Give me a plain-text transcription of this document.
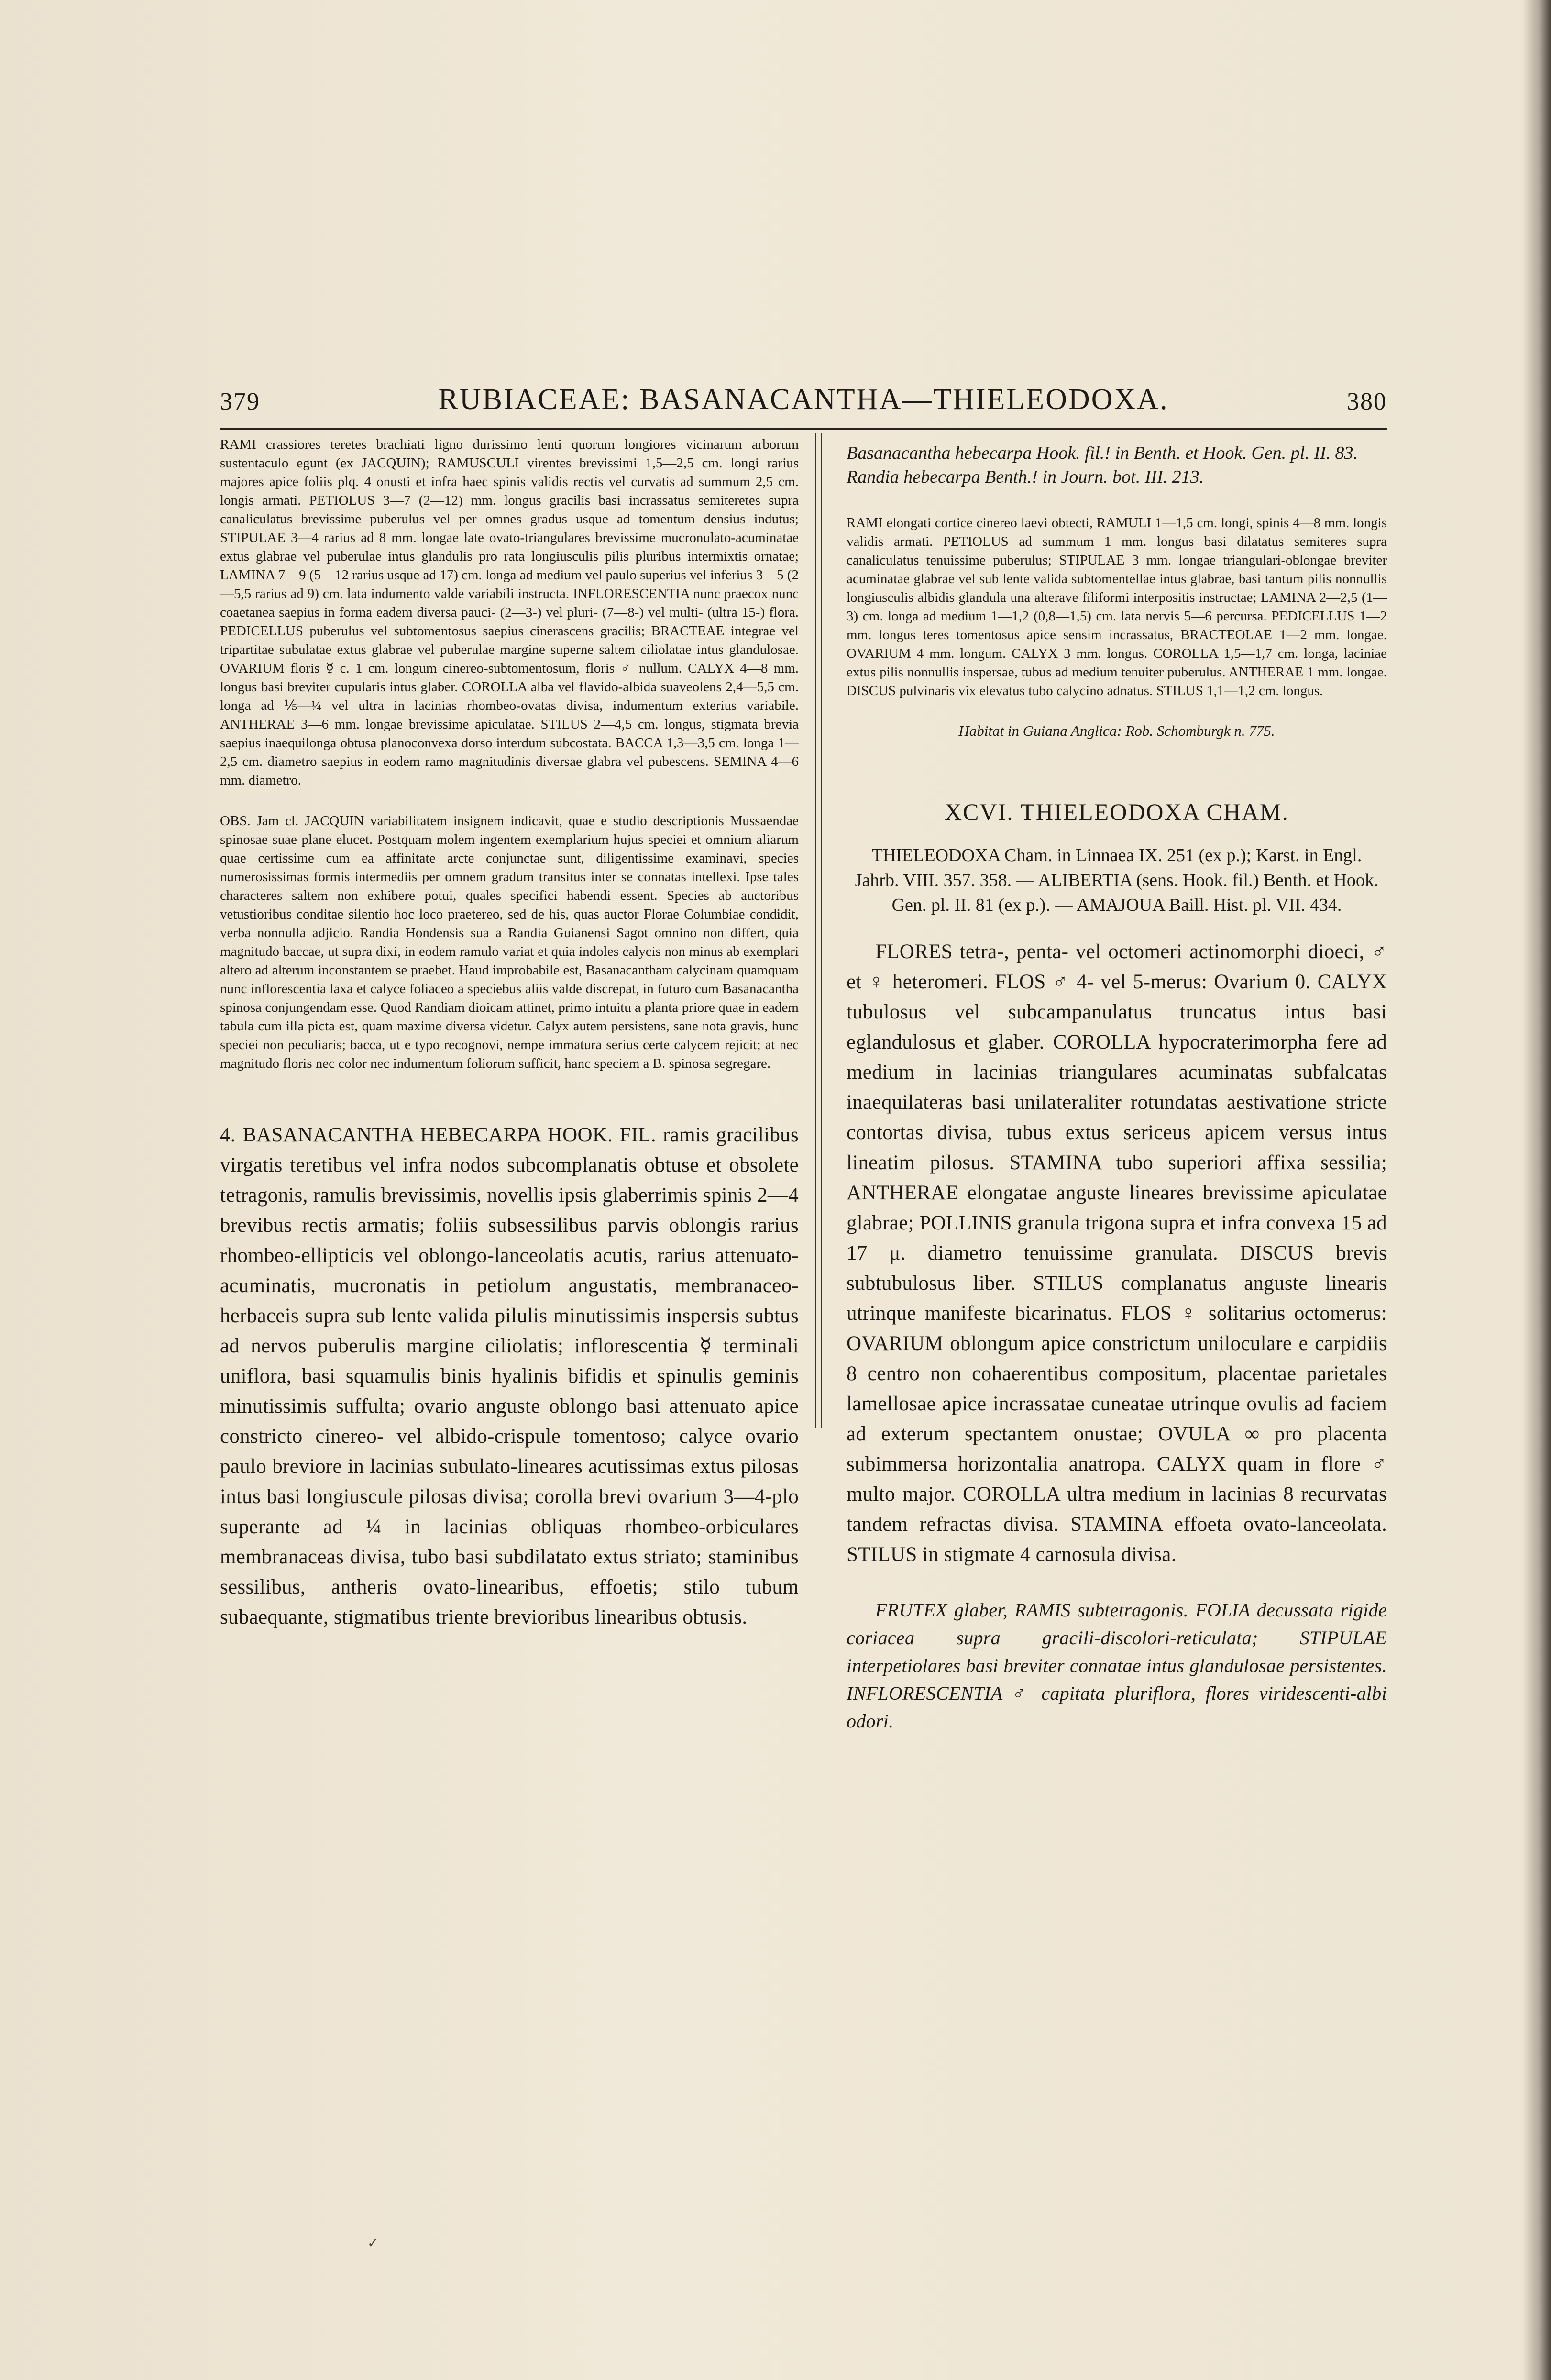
379	RUBIACEAE: BASANACANTHA—THIELEODOXA.	380

RAMI crassiores teretes brachiati ligno durissimo lenti quorum longiores vicinarum arborum sustentaculo egunt (ex JACQUIN); RAMUSCULI virentes brevissimi 1,5—2,5 cm. longi rarius majores apice foliis plq. 4 onusti et infra haec spinis validis rectis vel curvatis ad summum 2,5 cm. longis armati. PETIOLUS 3—7 (2—12) mm. longus gracilis basi incrassatus semiteretes supra canaliculatus brevissime puberulus vel per omnes gradus usque ad tomentum densius indutus; STIPULAE 3—4 rarius ad 8 mm. longae late ovato-triangulares brevissime mucronulato-acuminatae extus glabrae vel puberulae intus glandulis pro rata longiusculis pilis pluribus intermixtis ornatae; LAMINA 7—9 (5—12 rarius usque ad 17) cm. longa ad medium vel paulo superius vel inferius 3—5 (2—5,5 rarius ad 9) cm. lata indumento valde variabili instructa. INFLORESCENTIA nunc praecox nunc coaetanea saepius in forma eadem diversa pauci- (2—3-) vel pluri- (7—8-) vel multi- (ultra 15-) flora. PEDICELLUS puberulus vel subtomentosus saepius cinerascens gracilis; BRACTEAE integrae vel tripartitae subulatae extus glabrae vel puberulae margine superne saltem ciliolatae intus glandulosae. OVARIUM floris ☿ c. 1 cm. longum cinereo-subtomentosum, floris ♂ nullum. CALYX 4—8 mm. longus basi breviter cupularis intus glaber. COROLLA alba vel flavido-albida suaveolens 2,4—5,5 cm. longa ad ⅕—¼ vel ultra in lacinias rhombeo-ovatas divisa, indumentum exterius variabile. ANTHERAE 3—6 mm. longae brevissime apiculatae. STILUS 2—4,5 cm. longus, stigmata brevia saepius inaequilonga obtusa planoconvexa dorso interdum subcostata. BACCA 1,3—3,5 cm. longa 1—2,5 cm. diametro saepius in eodem ramo magnitudinis diversae glabra vel pubescens. SEMINA 4—6 mm. diametro.

OBS. Jam cl. JACQUIN variabilitatem insignem indicavit, quae e studio descriptionis Mussaendae spinosae suae plane elucet. Postquam molem ingentem exemplarium hujus speciei et omnium aliarum quae certissime cum ea affinitate arcte conjunctae sunt, diligentissime examinavi, species numerosissimas formis intermediis per omnem gradum transitus inter se connatas intellexi. Ipse tales characteres saltem non exhibere potui, quales specifici habendi essent. Species ab auctoribus vetustioribus conditae silentio hoc loco praetereo, sed de his, quas auctor Florae Columbiae condidit, verba nonnulla adjicio. Randia Hondensis sua a Randia Guianensi Sagot omnino non differt, quia magnitudo baccae, ut supra dixi, in eodem ramulo variat et quia indoles calycis non minus ab exemplari altero ad alterum inconstantem se praebet. Haud improbabile est, Basanacantham calycinam quamquam nunc inflorescentia laxa et calyce foliaceo a speciebus aliis valde discrepat, in futuro cum Basanacantha spinosa conjungendam esse. Quod Randiam dioicam attinet, primo intuitu a planta priore quae in eadem tabula cum illa picta est, quam maxime diversa videtur. Calyx autem persistens, sane nota gravis, hunc speciei non peculiaris; bacca, ut e typo recognovi, nempe immatura serius certe calycem rejicit; at nec magnitudo floris nec color nec indumentum foliorum sufficit, hanc speciem a B. spinosa segregare.

4. BASANACANTHA HEBECARPA HOOK. FIL. ramis gracilibus virgatis teretibus vel infra nodos subcomplanatis obtuse et obsolete tetragonis, ramulis brevissimis, novellis ipsis glaberrimis spinis 2—4 brevibus rectis armatis; foliis subsessilibus parvis oblongis rarius rhombeo-ellipticis vel oblongo-lanceolatis acutis, rarius attenuato-acuminatis, mucronatis in petiolum angustatis, membranaceo-herbaceis supra sub lente valida pilulis minutissimis inspersis subtus ad nervos puberulis margine ciliolatis; inflorescentia ☿ terminali uniflora, basi squamulis binis hyalinis bifidis et spinulis geminis minutissimis suffulta; ovario anguste oblongo basi attenuato apice constricto cinereo- vel albido-crispule tomentoso; calyce ovario paulo breviore in lacinias subulato-lineares acutissimas extus pilosas intus basi longiuscule pilosas divisa; corolla brevi ovarium 3—4-plo superante ad ¼ in lacinias obliquas rhombeo-orbiculares membranaceas divisa, tubo basi subdilatato extus striato; staminibus sessilibus, antheris ovato-linearibus, effoetis; stilo tubum subaequante, stigmatibus triente brevioribus linearibus obtusis.

Basanacantha hebecarpa Hook. fil.! in Benth. et Hook. Gen. pl. II. 83.

Randia hebecarpa Benth.! in Journ. bot. III. 213.

RAMI elongati cortice cinereo laevi obtecti, RAMULI 1—1,5 cm. longi, spinis 4—8 mm. longis validis armati. PETIOLUS ad summum 1 mm. longus basi dilatatus semiteres supra canaliculatus tenuissime puberulus; STIPULAE 3 mm. longae triangulari-oblongae breviter acuminatae glabrae vel sub lente valida subtomentellae intus glabrae, basi tantum pilis nonnullis longiusculis albidis glandula una alterave filiformi interpositis instructae; LAMINA 2—2,5 (1—3) cm. longa ad medium 1—1,2 (0,8—1,5) cm. lata nervis 5—6 percursa. PEDICELLUS 1—2 mm. longus teres tomentosus apice sensim incrassatus, BRACTEOLAE 1—2 mm. longae. OVARIUM 4 mm. longum. CALYX 3 mm. longus. COROLLA 1,5—1,7 cm. longa, laciniae extus pilis nonnullis inspersae, tubus ad medium tenuiter puberulus. ANTHERAE 1 mm. longae. DISCUS pulvinaris vix elevatus tubo calycino adnatus. STILUS 1,1—1,2 cm. longus.

Habitat in Guiana Anglica: Rob. Schomburgk n. 775.

XCVI. THIELEODOXA CHAM.

THIELEODOXA Cham. in Linnaea IX. 251 (ex p.); Karst. in Engl. Jahrb. VIII. 357. 358. — ALIBERTIA (sens. Hook. fil.) Benth. et Hook. Gen. pl. II. 81 (ex p.). — AMAJOUA Baill. Hist. pl. VII. 434.

FLORES tetra-, penta- vel octomeri actinomorphi dioeci, ♂ et ♀ heteromeri. FLOS ♂ 4- vel 5-merus: Ovarium 0. CALYX tubulosus vel subcampanulatus truncatus intus basi eglandulosus et glaber. COROLLA hypocraterimorpha fere ad medium in lacinias triangulares acuminatas subfalcatas inaequilateras basi unilateraliter rotundatas aestivatione stricte contortas divisa, tubus extus sericeus apicem versus intus lineatim pilosus. STAMINA tubo superiori affixa sessilia; ANTHERAE elongatae anguste lineares brevissime apiculatae glabrae; POLLINIS granula trigona supra et infra convexa 15 ad 17 μ. diametro tenuissime granulata. DISCUS brevis subtubulosus liber. STILUS complanatus anguste linearis utrinque manifeste bicarinatus. FLOS ♀ solitarius octomerus: OVARIUM oblongum apice constrictum uniloculare e carpidiis 8 centro non cohaerentibus compositum, placentae parietales lamellosae apice incrassatae cuneatae utrinque ovulis ad faciem ad exterum spectantem onustae; OVULA ∞ pro placenta subimmersa horizontalia anatropa. CALYX quam in flore ♂ multo major. COROLLA ultra medium in lacinias 8 recurvatas tandem refractas divisa. STAMINA effoeta ovato-lanceolata. STILUS in stigmate 4 carnosula divisa.

FRUTEX glaber, RAMIS subtetragonis. FOLIA decussata rigide coriacea supra gracili-discolori-reticulata; STIPULAE interpetiolares basi breviter connatae intus glandulosae persistentes. INFLORESCENTIA ♂ capitata pluriflora, flores viridescenti-albi odori.

✓
